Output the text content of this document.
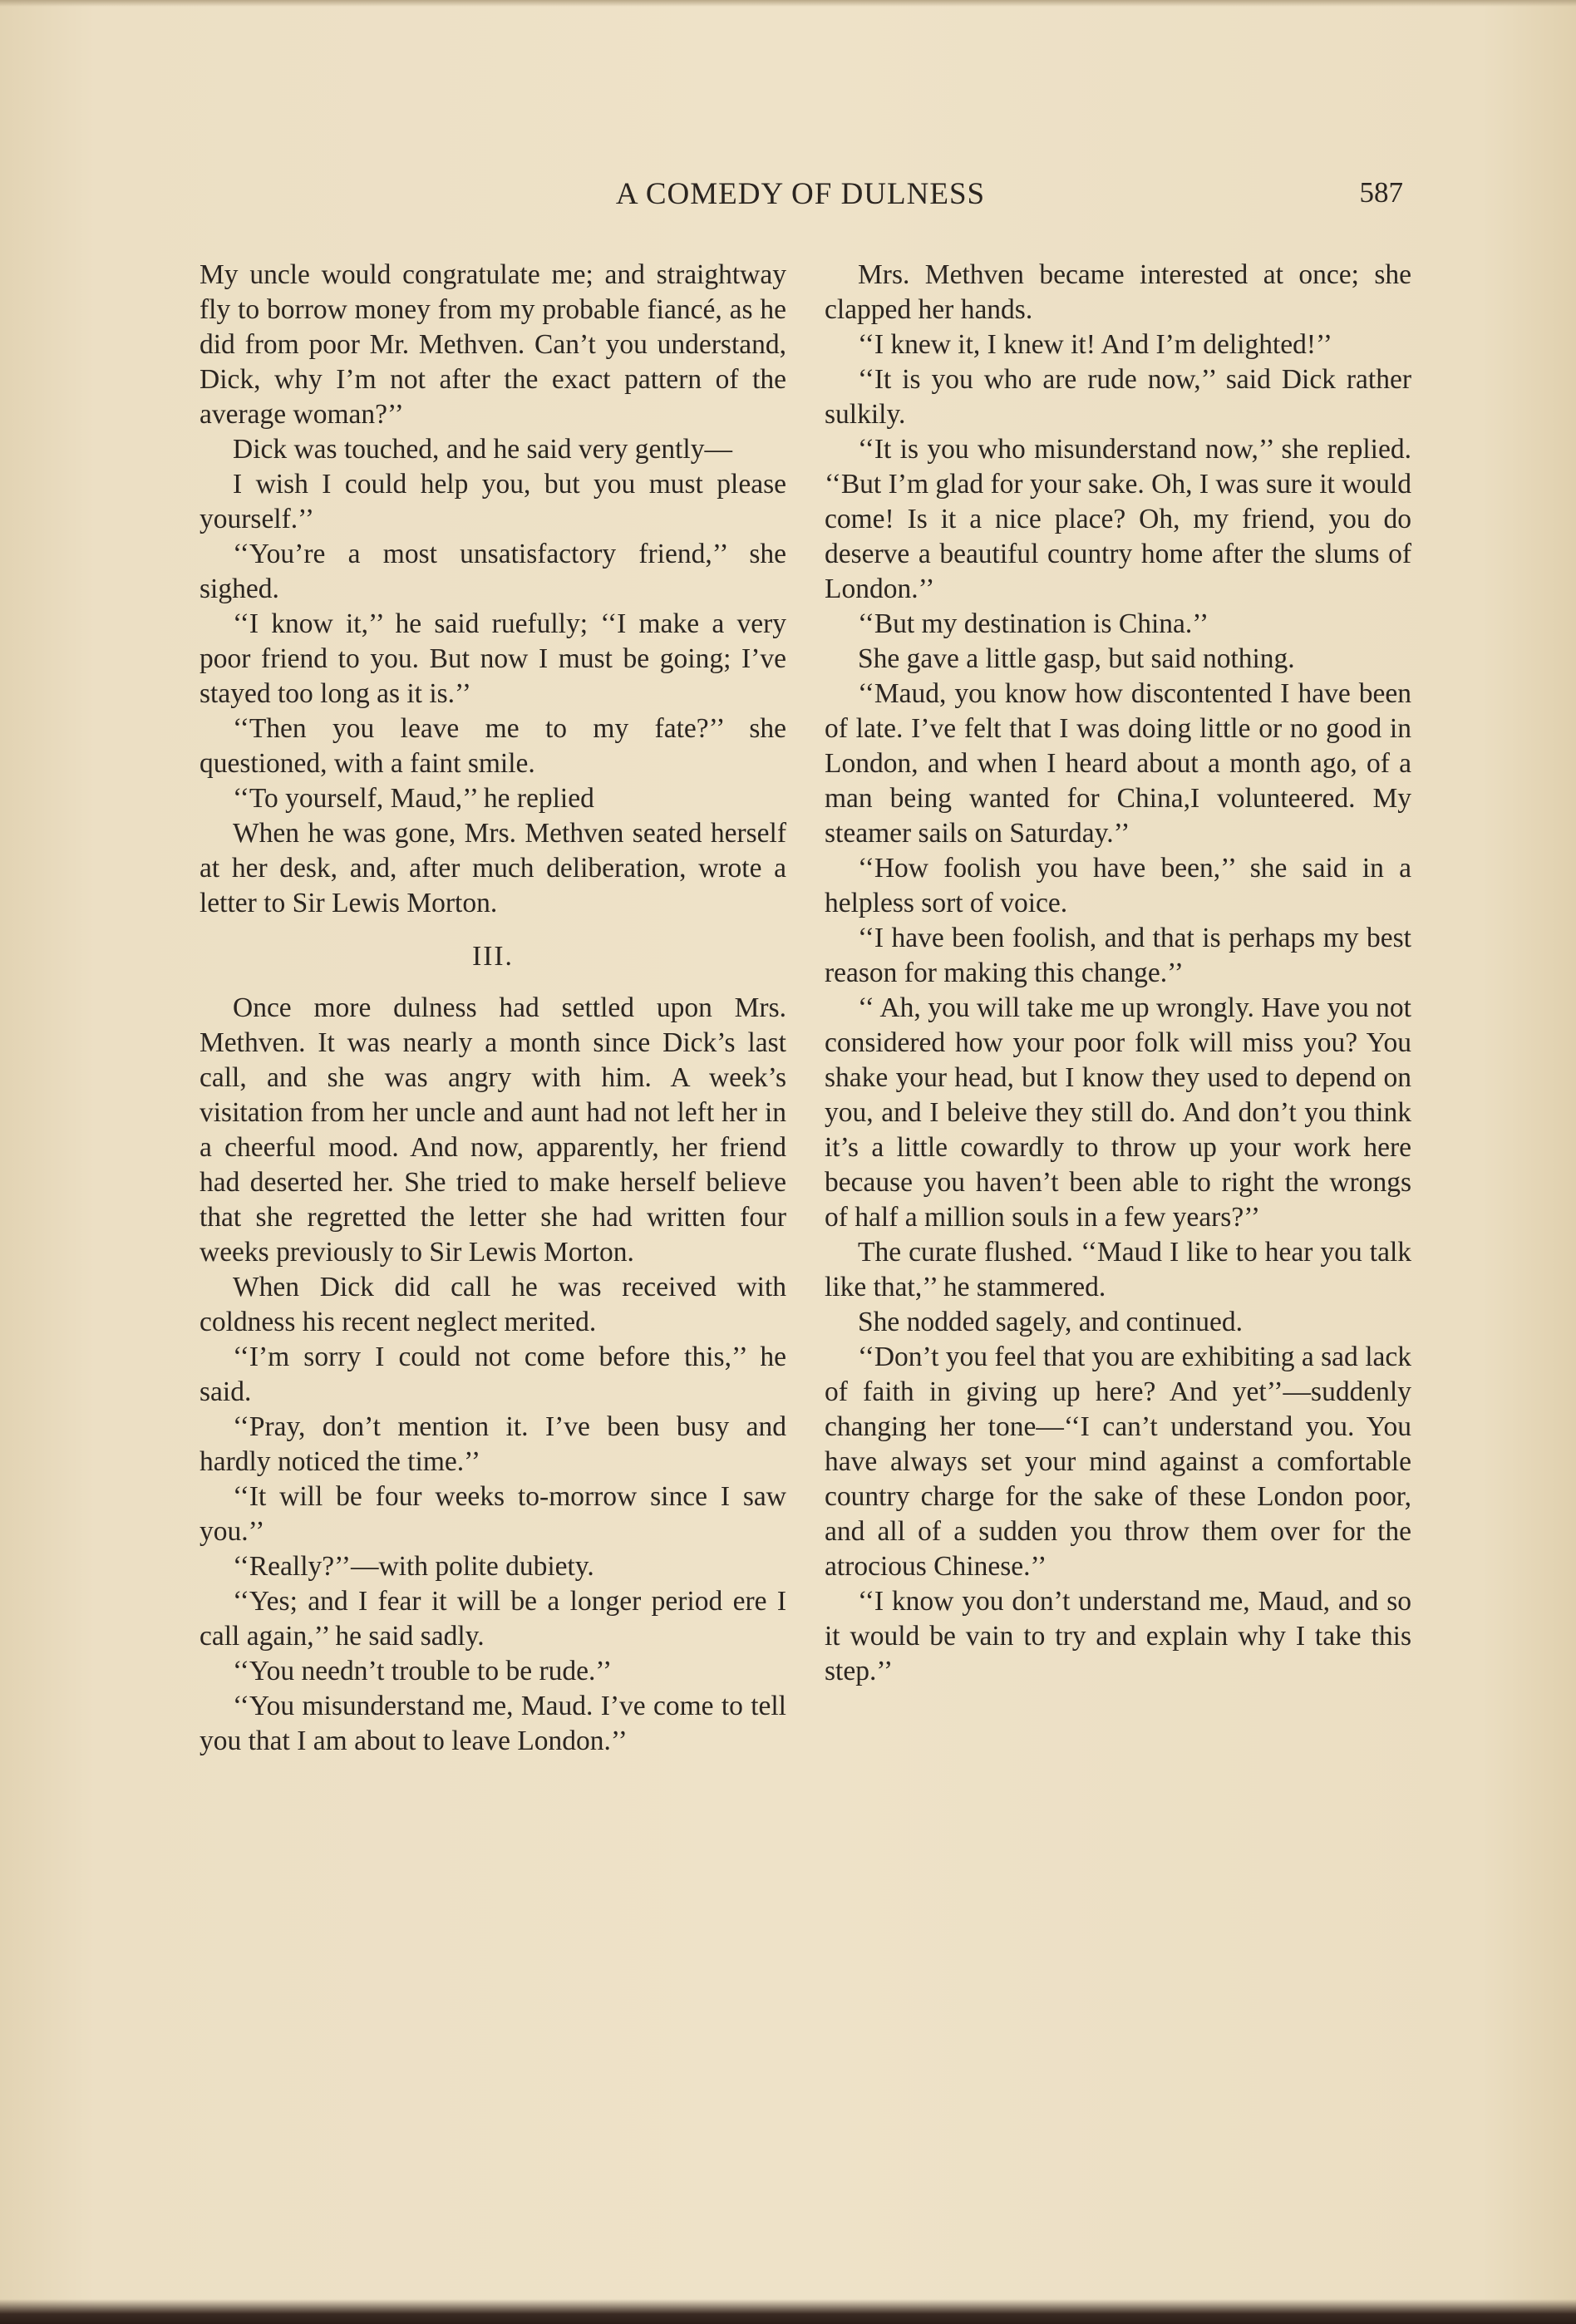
A COMEDY OF DULNESS	587

My uncle would congratulate me; and straightway fly to borrow money from my probable fiancé, as he did from poor Mr. Methven. Can’t you understand, Dick, why I’m not after the exact pattern of the average woman?’’

Dick was touched, and he said very gently—

I wish I could help you, but you must please yourself.’’

‘‘You’re a most unsatisfactory friend,’’ she sighed.

‘‘I know it,’’ he said ruefully; ‘‘I make a very poor friend to you. But now I must be going; I’ve stayed too long as it is.’’

‘‘Then you leave me to my fate?’’ she questioned, with a faint smile.

‘‘To yourself, Maud,’’ he replied

When he was gone, Mrs. Methven seated herself at her desk, and, after much deliberation, wrote a letter to Sir Lewis Morton.

III.

Once more dulness had settled upon Mrs. Methven. It was nearly a month since Dick’s last call, and she was angry with him. A week’s visitation from her uncle and aunt had not left her in a cheerful mood. And now, apparently, her friend had deserted her. She tried to make herself believe that she regretted the letter she had written four weeks previously to Sir Lewis Morton.

When Dick did call he was received with coldness his recent neglect merited.

‘‘I’m sorry I could not come before this,’’ he said.

‘‘Pray, don’t mention it. I’ve been busy and hardly noticed the time.’’

‘‘It will be four weeks to-morrow since I saw you.’’

‘‘Really?’’—with polite dubiety.

‘‘Yes; and I fear it will be a longer period ere I call again,’’ he said sadly.

‘‘You needn’t trouble to be rude.’’

‘‘You misunderstand me, Maud. I’ve come to tell you that I am about to leave London.’’

Mrs. Methven became interested at once; she clapped her hands.

‘‘I knew it, I knew it! And I’m delighted!’’

‘‘It is you who are rude now,’’ said Dick rather sulkily.

‘‘It is you who misunderstand now,’’ she replied. ‘‘But I’m glad for your sake. Oh, I was sure it would come! Is it a nice place? Oh, my friend, you do deserve a beautiful country home after the slums of London.’’

‘‘But my destination is China.’’

She gave a little gasp, but said nothing.

‘‘Maud, you know how discontented I have been of late. I’ve felt that I was doing little or no good in London, and when I heard about a month ago, of a man being wanted for China,I volunteered. My steamer sails on Saturday.’’

‘‘How foolish you have been,’’ she said in a helpless sort of voice.

‘‘I have been foolish, and that is perhaps my best reason for making this change.’’

‘‘ Ah, you will take me up wrongly. Have you not considered how your poor folk will miss you? You shake your head, but I know they used to depend on you, and I beleive they still do. And don’t you think it’s a little cowardly to throw up your work here because you haven’t been able to right the wrongs of half a million souls in a few years?’’

The curate flushed. ‘‘Maud I like to hear you talk like that,’’ he stammered.

She nodded sagely, and continued.

‘‘Don’t you feel that you are exhibiting a sad lack of faith in giving up here? And yet’’—suddenly changing her tone—‘‘I can’t understand you. You have always set your mind against a comfortable country charge for the sake of these London poor, and all of a sudden you throw them over for the atrocious Chinese.’’

‘‘I know you don’t understand me, Maud, and so it would be vain to try and explain why I take this step.’’
